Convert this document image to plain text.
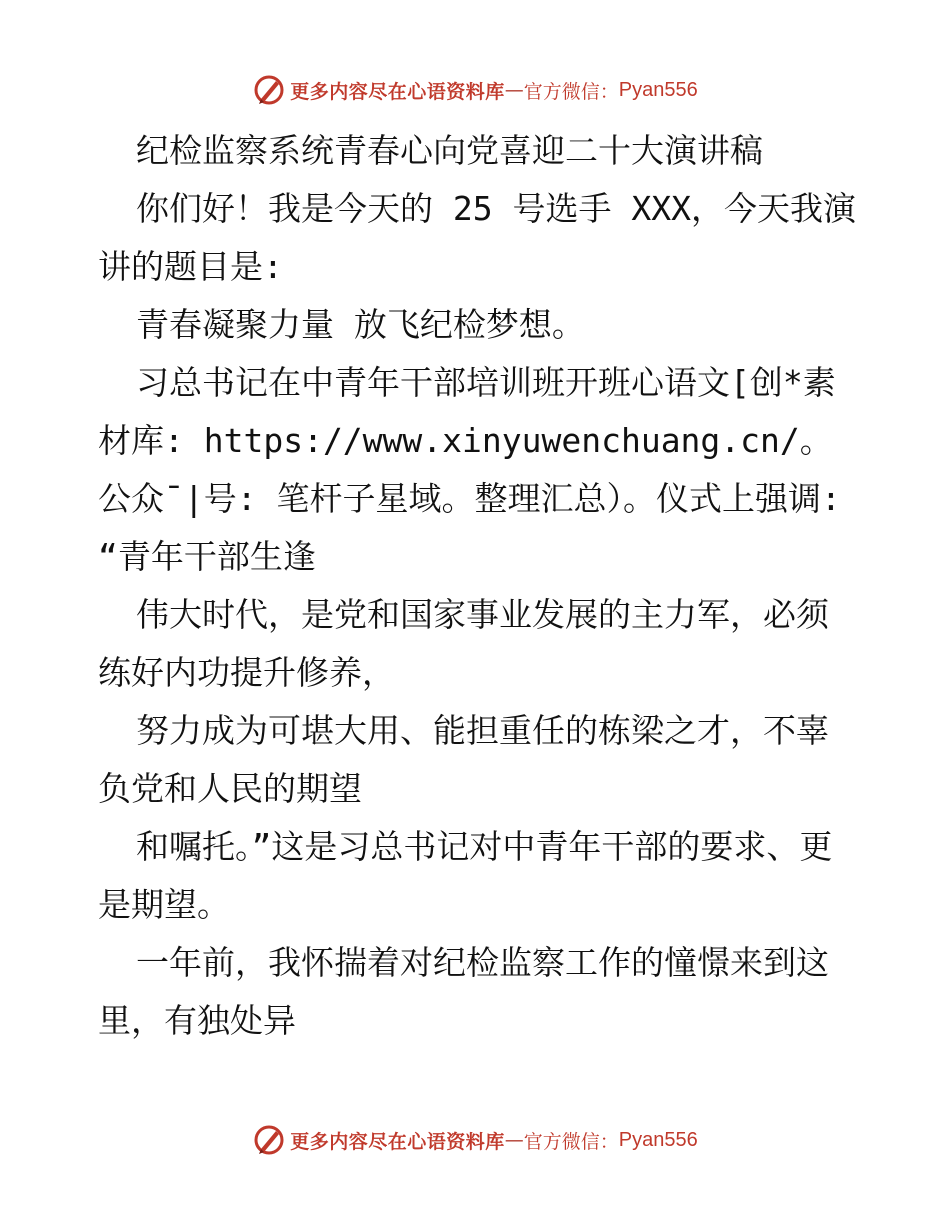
更多内容尽在心语资料库 — 官方微信： Pyan556

纪检监察系统青春心向党喜迎二十大演讲稿

你们好！我是今天的 25 号选手 XXX，今天我演讲的题目是:

青春凝聚力量 放飞纪检梦想。

习总书记在中青年干部培训班开班心语文[创*素材库: https://www.xinyuwenchuang.cn/。公众¯|号: 笔杆子星域。整理汇总）。仪式上强调: “青年干部生逢

伟大时代，是党和国家事业发展的主力军，必须练好内功提升修养，

努力成为可堪大用、能担重任的栋梁之才，不辜负党和人民的期望

和嘱托。”这是习总书记对中青年干部的要求、更是期望。

一年前，我怀揣着对纪检监察工作的憧憬来到这里，有独处异

更多内容尽在心语资料库 — 官方微信： Pyan556
